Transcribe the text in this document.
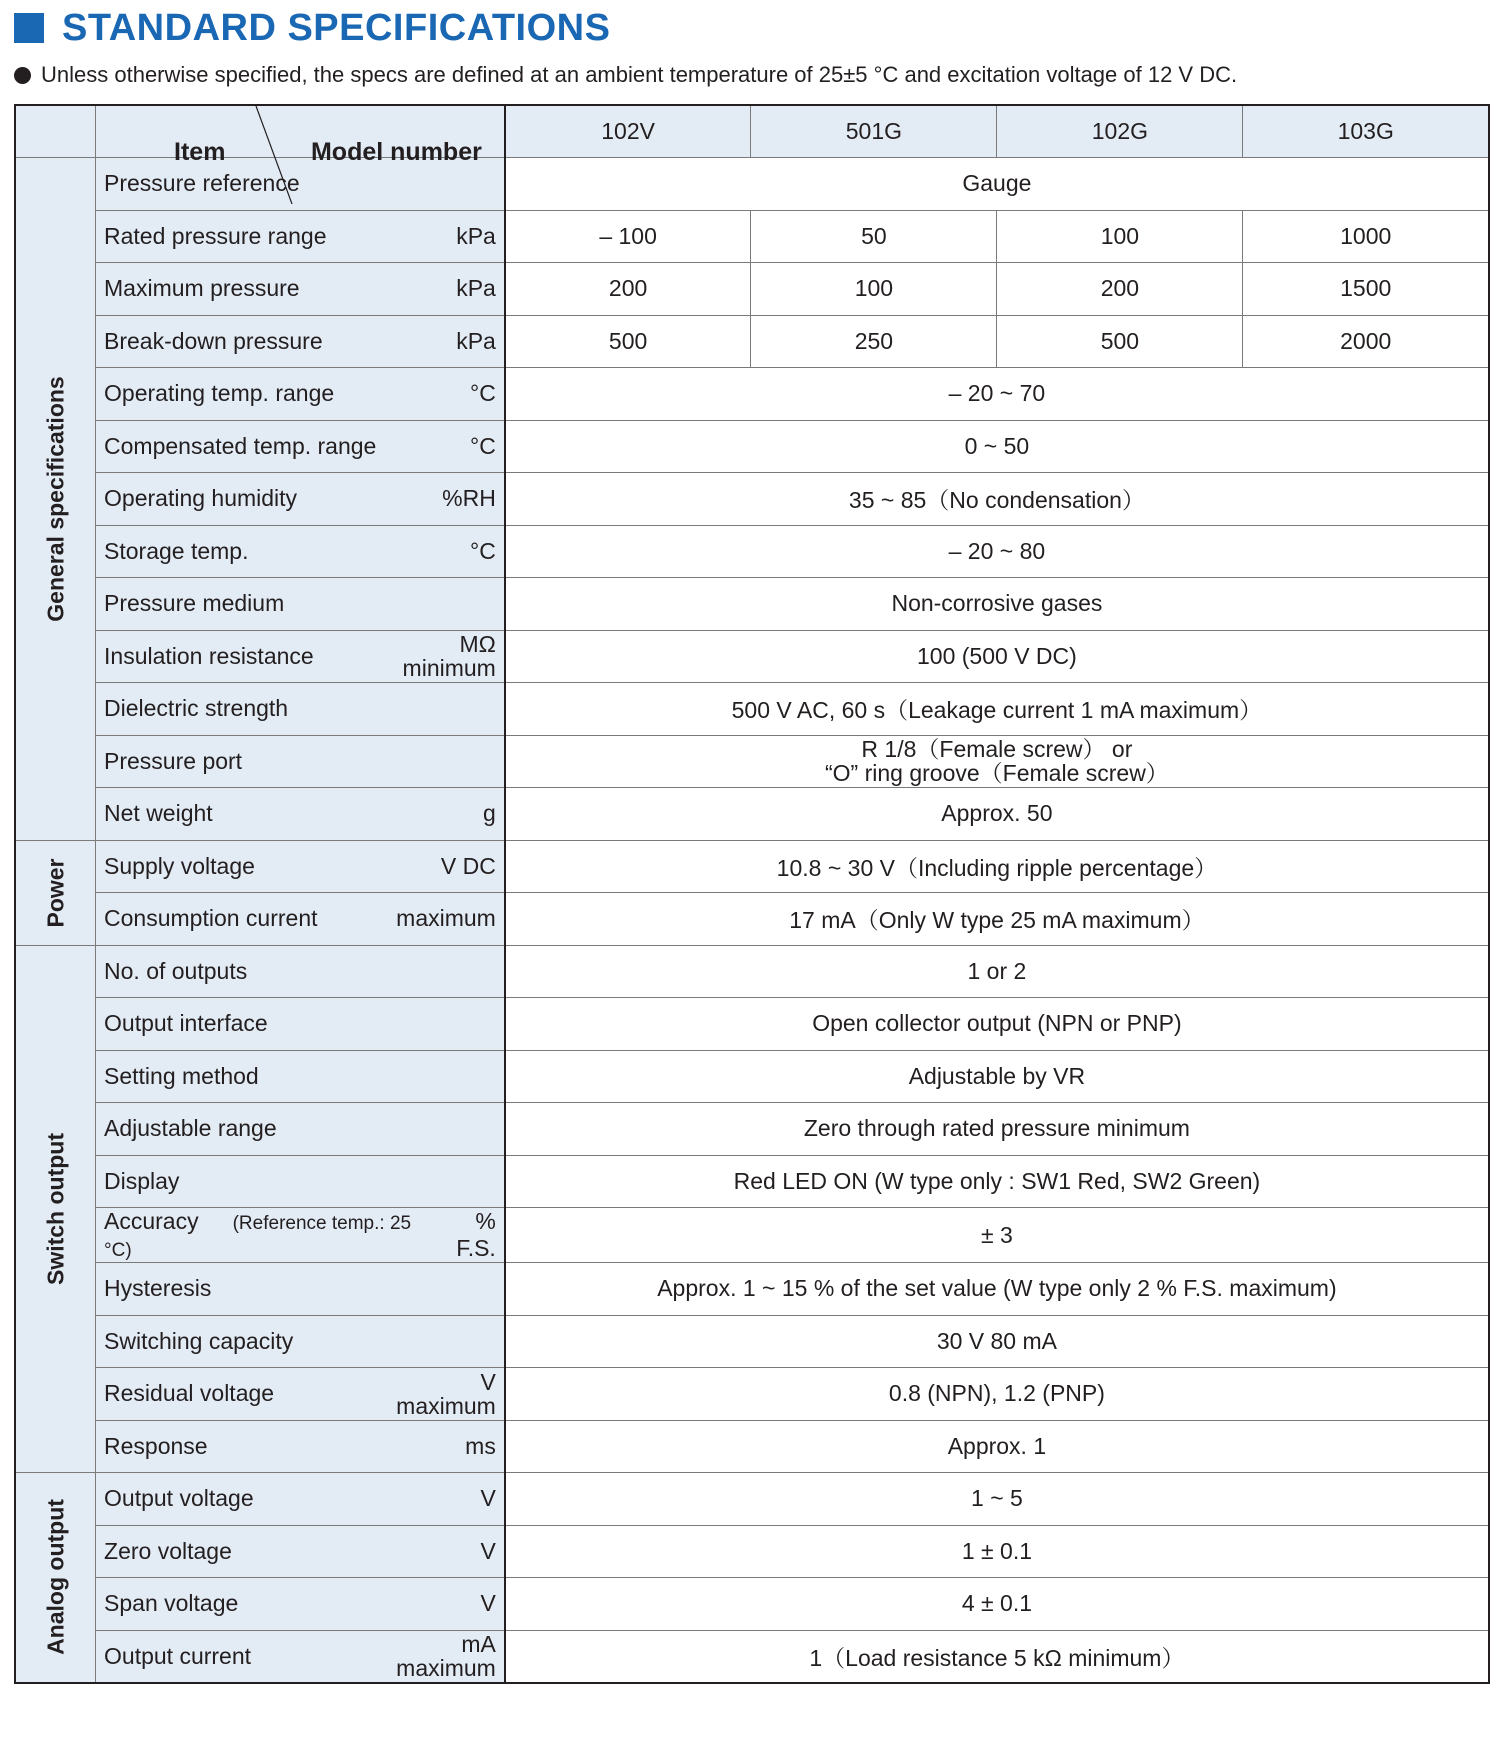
STANDARD SPECIFICATIONS
Unless otherwise specified, the specs are defined at an ambient temperature of 25±5 °C and excitation voltage of 12 V DC.

	Item Model number	102V	501G	102G	103G

General specifications	Pressure reference	Gauge			

	Rated pressure range kPa	– 100	50	100	1000

	Maximum pressure kPa	200	100	200	1500

	Break-down pressure kPa	500	250	500	2000

	Operating temp. range °C	– 20 ~ 70			

	Compensated temp. range °C	0 ~ 50			

	Operating humidity %RH	35 ~ 85（No condensation）			

	Storage temp. °C	– 20 ~ 80			

	Pressure medium	Non-corrosive gases			

	Insulation resistance MΩ
minimum	100 (500 V DC)			

	Dielectric strength	500 V AC, 60 s（Leakage current 1 mA maximum）			

	Pressure port	R 1/8（Female screw） or
“O” ring groove（Female screw）			

	Net weight g	Approx. 50			

Power	Supply voltage V DC	10.8 ~ 30 V（Including ripple percentage）			

	Consumption current maximum	17 mA（Only W type 25 mA maximum）			

Switch output	No. of outputs	1 or 2			

	Output interface	Open collector output (NPN or PNP)			

	Setting method	Adjustable by VR			

	Adjustable range	Zero through rated pressure minimum			

	Display	Red LED ON (W type only : SW1 Red, SW2 Green)			

	Accuracy (Reference temp.: 25 °C)
% F.S.	± 3			

	Hysteresis	Approx. 1 ~ 15 % of the set value (W type only 2 % F.S. maximum)			

	Switching capacity	30 V 80 mA			

	Residual voltage V
maximum	0.8 (NPN), 1.2 (PNP)			

	Response ms	Approx. 1			

Analog output	Output voltage V	1 ~ 5			

	Zero voltage V	1 ± 0.1			

	Span voltage V	4 ± 0.1			

	Output current mA
maximum	1（Load resistance 5 kΩ minimum）			
